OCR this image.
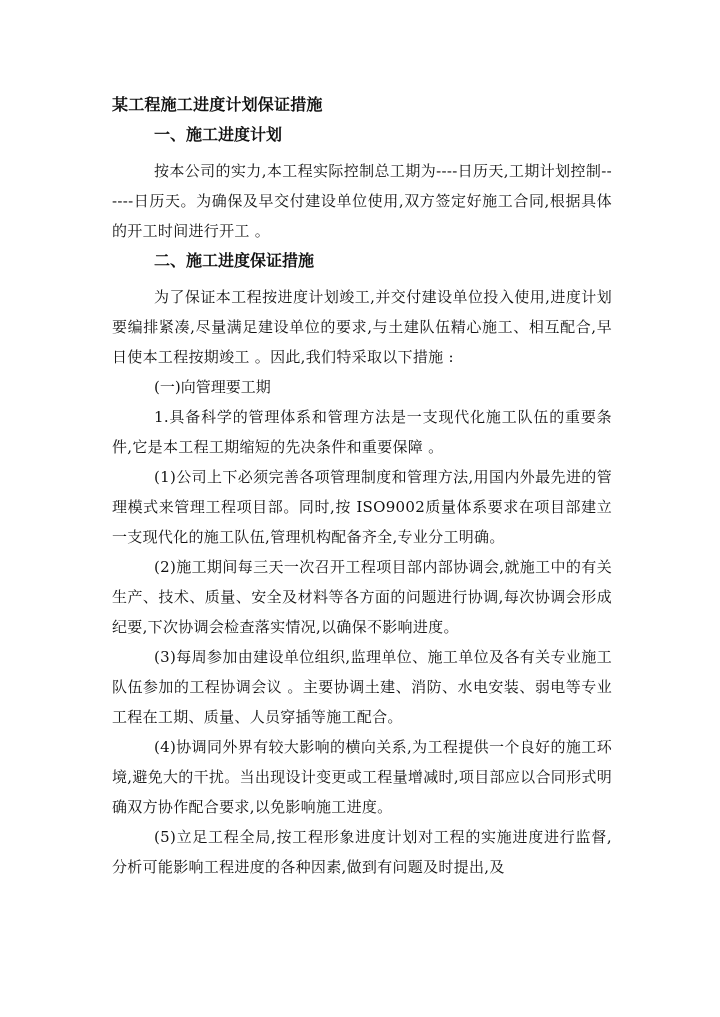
某工程施工进度计划保证措施
一、施工进度计划

按本公司的实力,本工程实际控制总工期为----日历天,工期计划控制------日历天。为确保及早交付建设单位使用,双方签定好施工合同,根据具体的开工时间进行开工 。

二、施工进度保证措施

为了保证本工程按进度计划竣工,并交付建设单位投入使用,进度计划要编排紧凑,尽量满足建设单位的要求,与土建队伍精心施工、相互配合,早日使本工程按期竣工 。因此,我们特采取以下措施 :

(一)向管理要工期

1.具备科学的管理体系和管理方法是一支现代化施工队伍的重要条件,它是本工程工期缩短的先决条件和重要保障 。

(1)公司上下必须完善各项管理制度和管理方法,用国内外最先进的管理模式来管理工程项目部。同时,按 ISO9002质量体系要求在项目部建立一支现代化的施工队伍,管理机构配备齐全,专业分工明确。

(2)施工期间每三天一次召开工程项目部内部协调会,就施工中的有关生产、技术、质量、安全及材料等各方面的问题进行协调,每次协调会形成纪要,下次协调会检查落实情况,以确保不影响进度。

(3)每周参加由建设单位组织,监理单位、施工单位及各有关专业施工队伍参加的工程协调会议 。主要协调土建、消防、水电安装、弱电等专业工程在工期、质量、人员穿插等施工配合。

(4)协调同外界有较大影响的横向关系,为工程提供一个良好的施工环境,避免大的干扰。当出现设计变更或工程量增减时,项目部应以合同形式明确双方协作配合要求,以免影响施工进度。

(5)立足工程全局,按工程形象进度计划对工程的实施进度进行监督,分析可能影响工程进度的各种因素,做到有问题及时提出,及
